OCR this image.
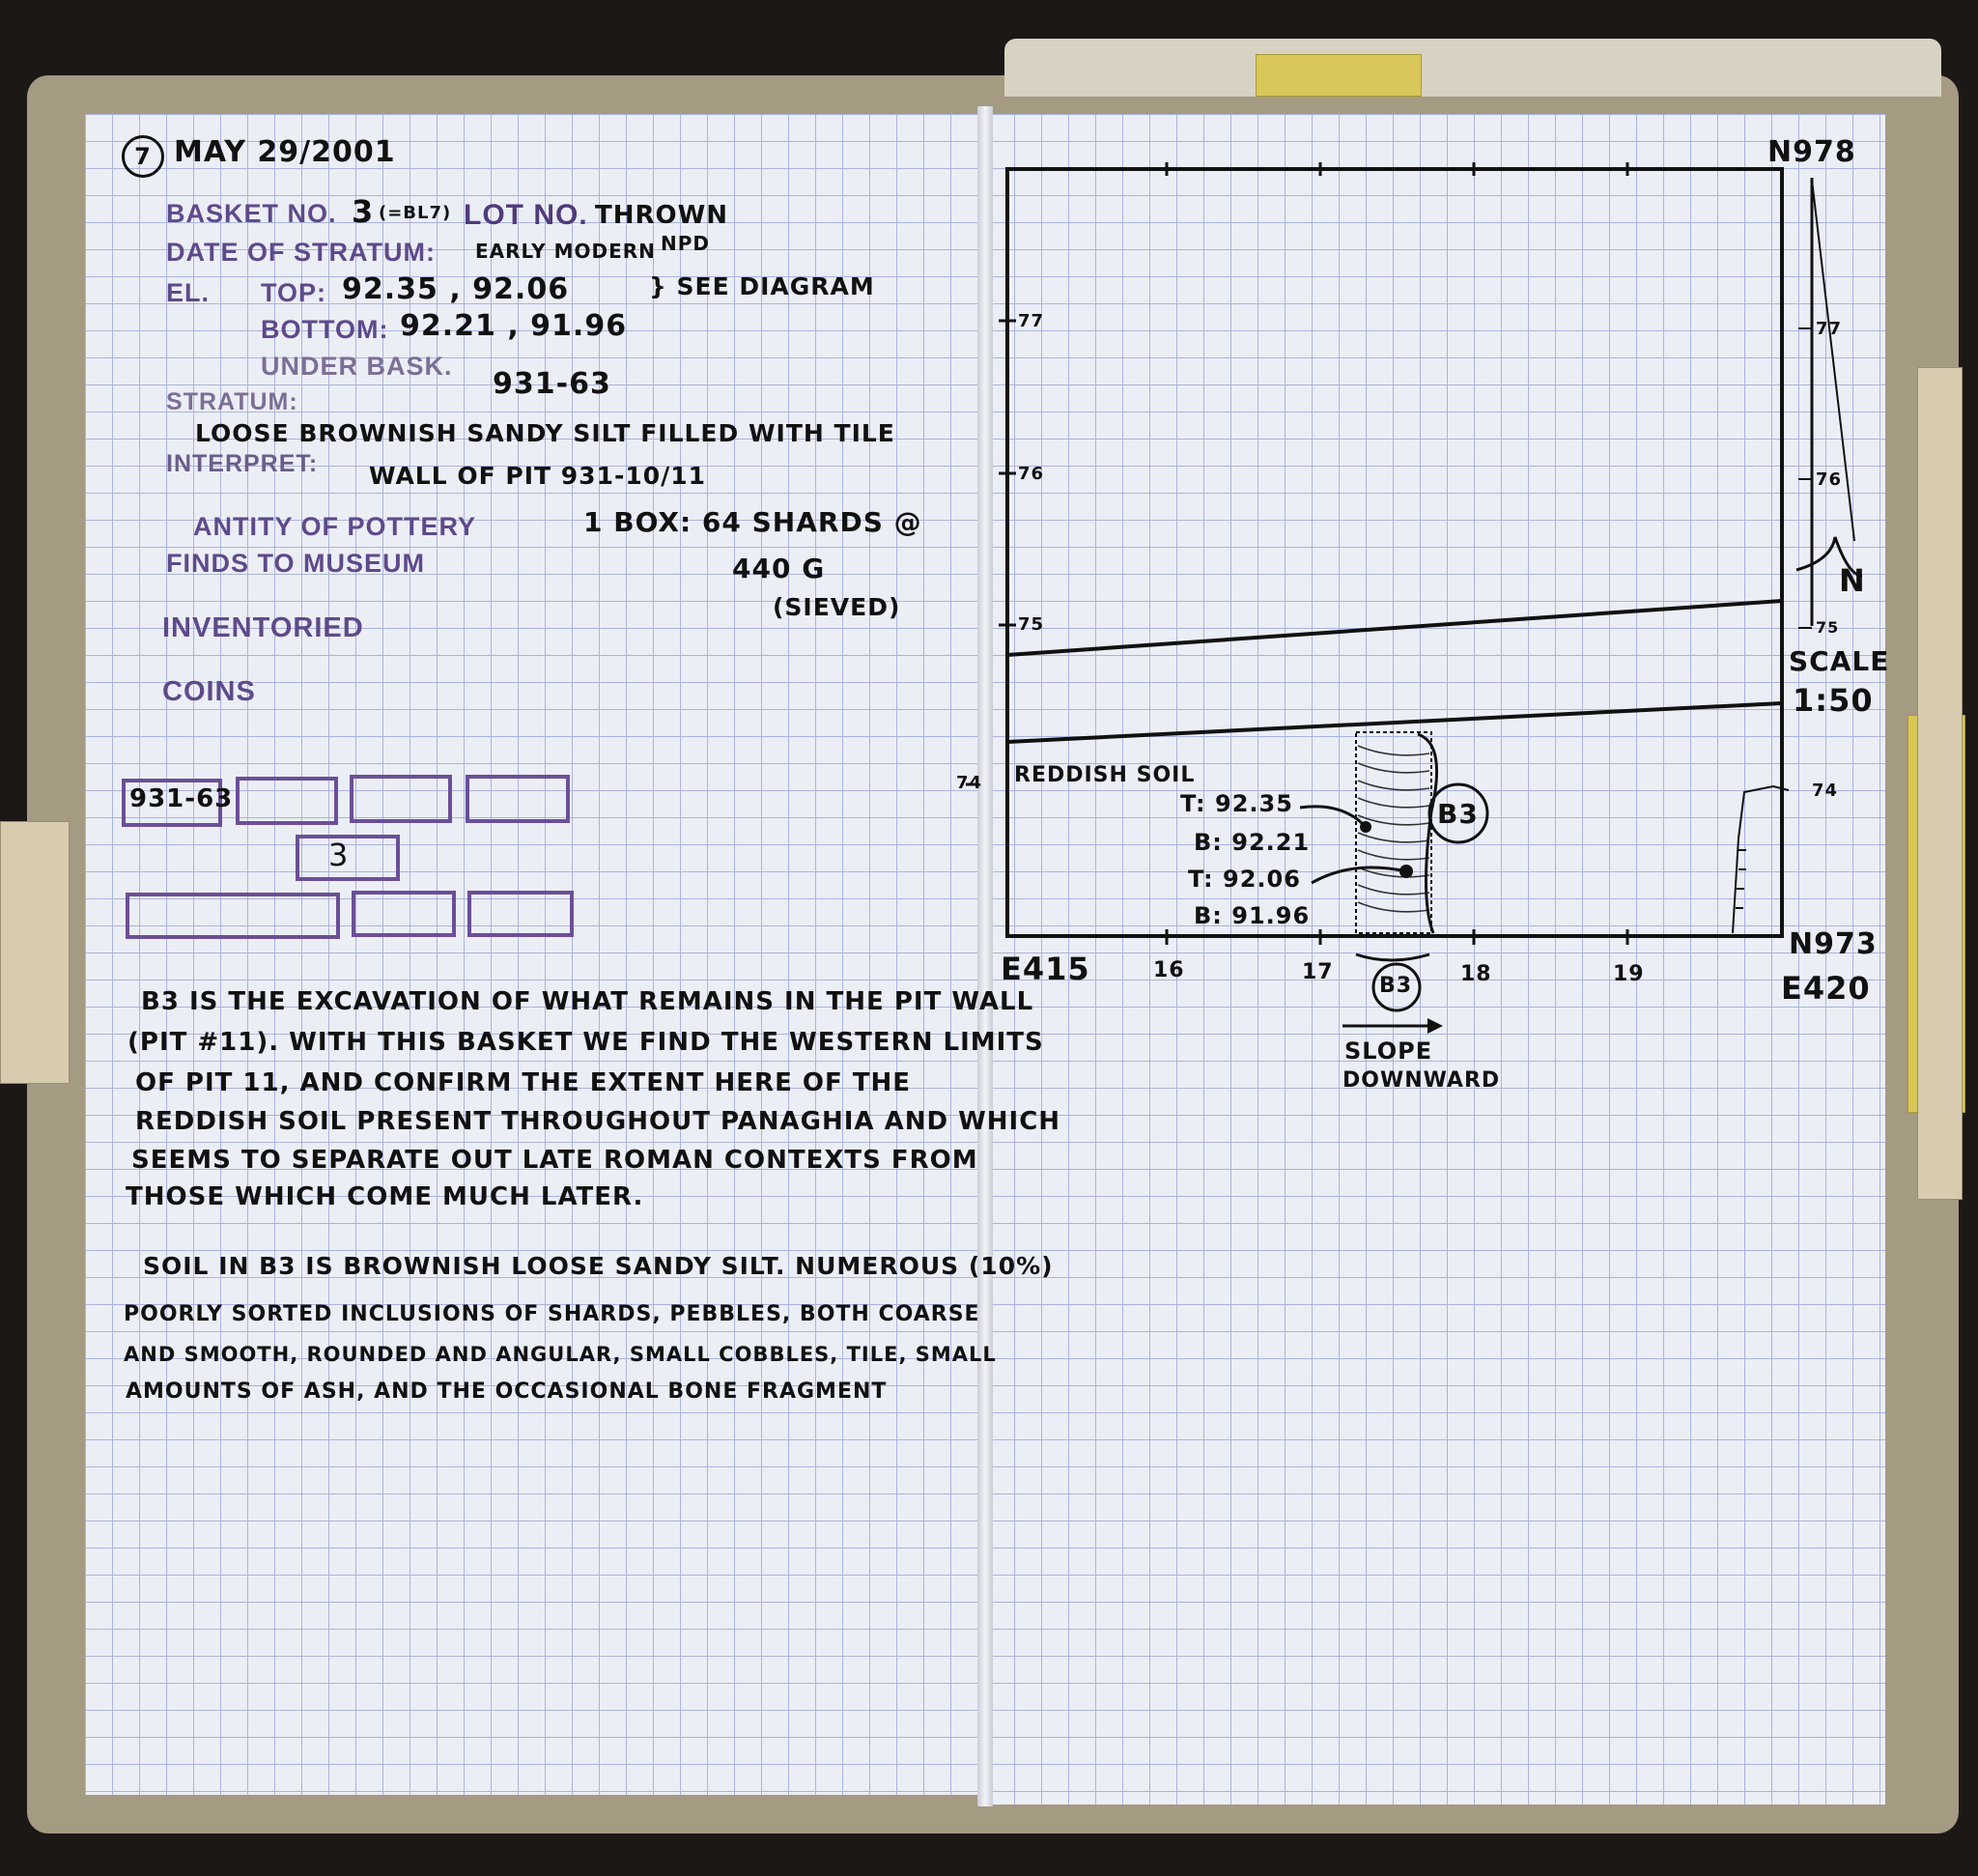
7 MAY 29/2001
BASKET NO. 3 (=BL7) LOT NO. THROWN
DATE OF STRATUM: EARLY MODERN NPD
EL. TOP: 92.35 , 92.06	} SEE DIAGRAM
BOTTOM: 92.21 , 91.96
UNDER BASK.
931-63
STRATUM:
LOOSE BROWNISH SANDY SILT FILLED WITH TILE
INTERPRET: WALL OF PIT 931-10/11
ANTITY OF POTTERY	1 BOX: 64 SHARDS @
FINDS TO MUSEUM	440 G
(SIEVED)
INVENTORIED
COINS
931-63
3
B3 IS THE EXCAVATION OF WHAT REMAINS IN THE PIT WALL
(PIT #11). WITH THIS BASKET WE FIND THE WESTERN LIMITS
OF PIT 11, AND CONFIRM THE EXTENT HERE OF THE
REDDISH SOIL PRESENT THROUGHOUT PANAGHIA AND WHICH
SEEMS TO SEPARATE OUT LATE ROMAN CONTEXTS FROM
THOSE WHICH COME MUCH LATER.
SOIL IN B3 IS BROWNISH LOOSE SANDY SILT. NUMEROUS (10%)
POORLY SORTED INCLUSIONS OF SHARDS, PEBBLES, BOTH COARSE
AND SMOOTH, ROUNDED AND ANGULAR, SMALL COBBLES, TILE, SMALL
AMOUNTS OF ASH, AND THE OCCASIONAL BONE FRAGMENT
N978
N973
E415
E420
16	17	18	19
77
76
75
74
77
76
75
74
N
SCALE
1:50
REDDISH SOIL
B3
B3
T: 92.35
B: 92.21
T: 92.06
B: 91.96
SLOPE
DOWNWARD
